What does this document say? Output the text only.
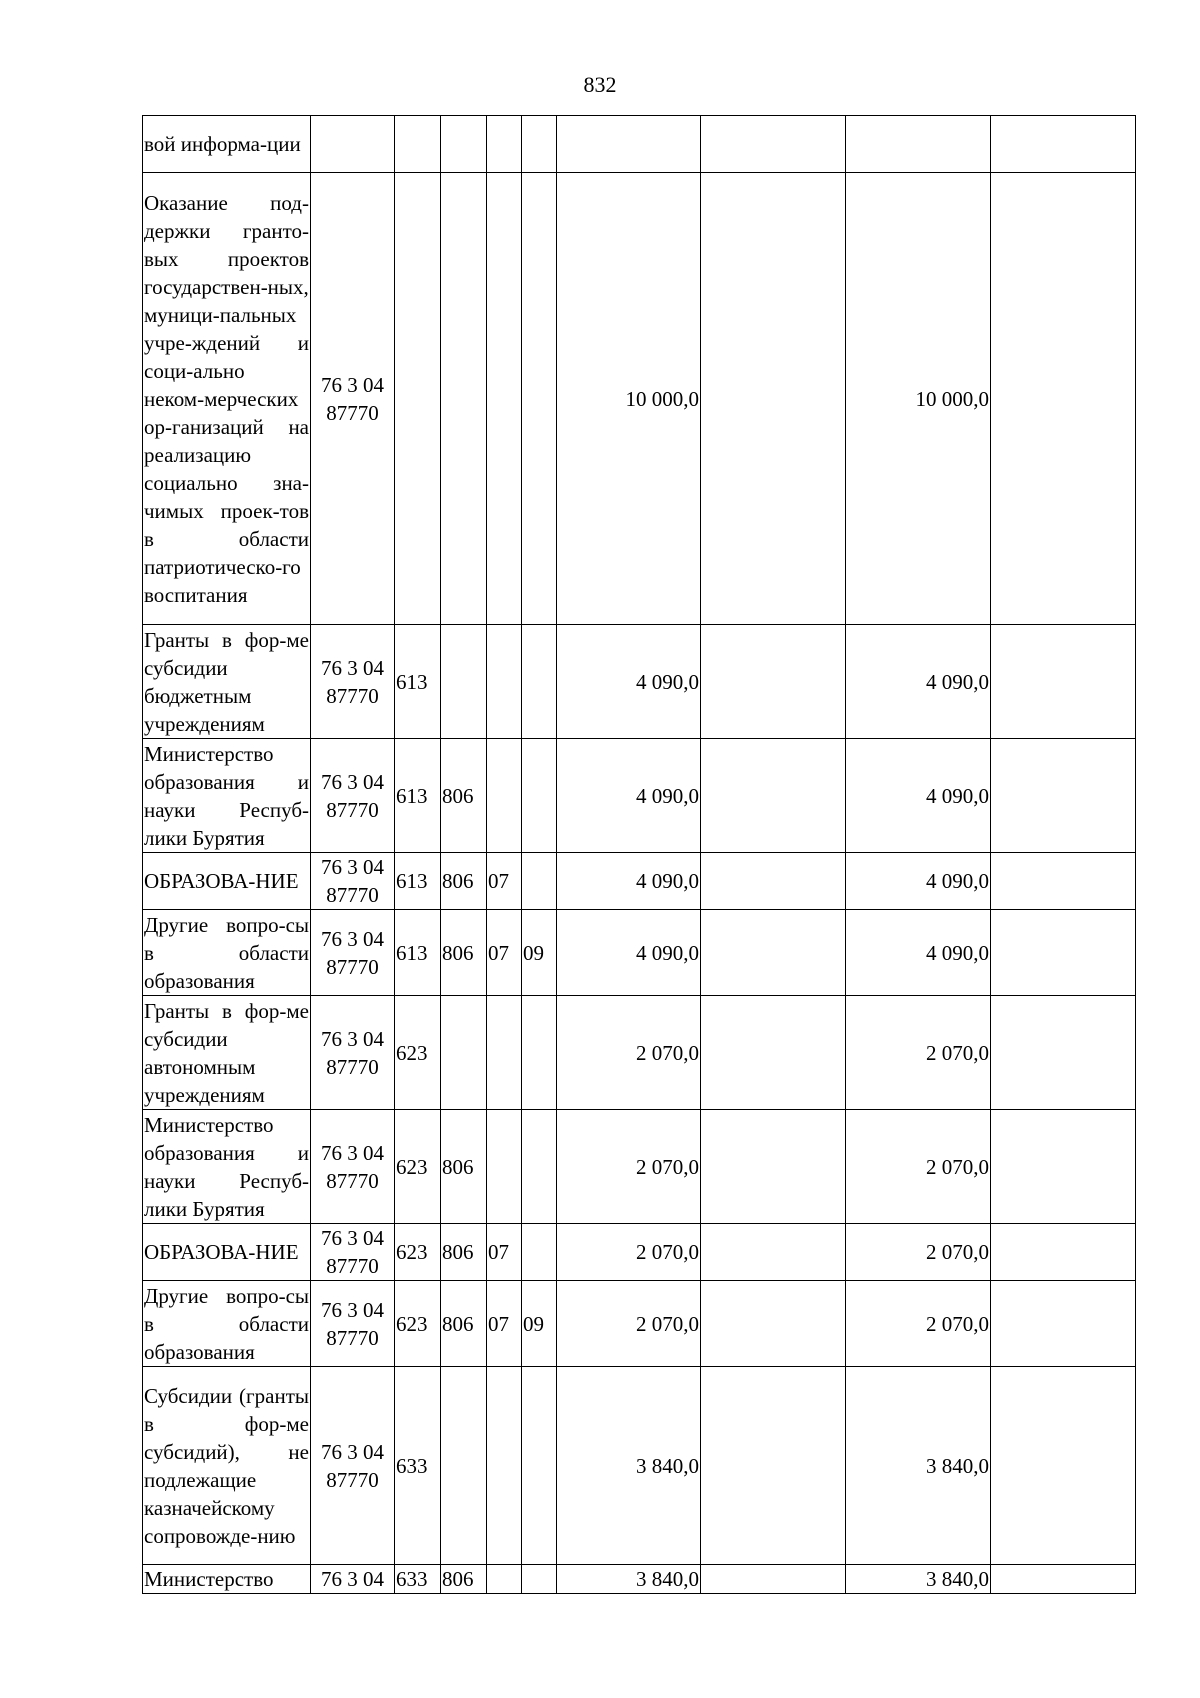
832
вой информа-ции									
Оказание под-держки гранто-вых проектов государствен-ных, муници-пальных учре-ждений и соци-ально неком-мерческих ор-ганизаций на реализацию социально зна-чимых проек-тов в области патриотическо-го воспитания	76 3 04 87770					10 000,0		10 000,0	
Гранты в фор-ме субсидии бюджетным учреждениям	76 3 04 87770	613				4 090,0		4 090,0	
Министерство образования и науки Респуб-лики Бурятия	76 3 04 87770	613	806			4 090,0		4 090,0	
ОБРАЗОВА-НИЕ	76 3 04 87770	613	806	07		4 090,0		4 090,0	
Другие вопро-сы в области образования	76 3 04 87770	613	806	07	09	4 090,0		4 090,0	
Гранты в фор-ме субсидии автономным учреждениям	76 3 04 87770	623				2 070,0		2 070,0	
Министерство образования и науки Респуб-лики Бурятия	76 3 04 87770	623	806			2 070,0		2 070,0	
ОБРАЗОВА-НИЕ	76 3 04 87770	623	806	07		2 070,0		2 070,0	
Другие вопро-сы в области образования	76 3 04 87770	623	806	07	09	2 070,0		2 070,0	
Субсидии (гранты в фор-ме субсидий), не подлежащие казначейскому сопровожде-нию	76 3 04 87770	633				3 840,0		3 840,0	
Министерство	76 3 04	633	806			3 840,0		3 840,0	
